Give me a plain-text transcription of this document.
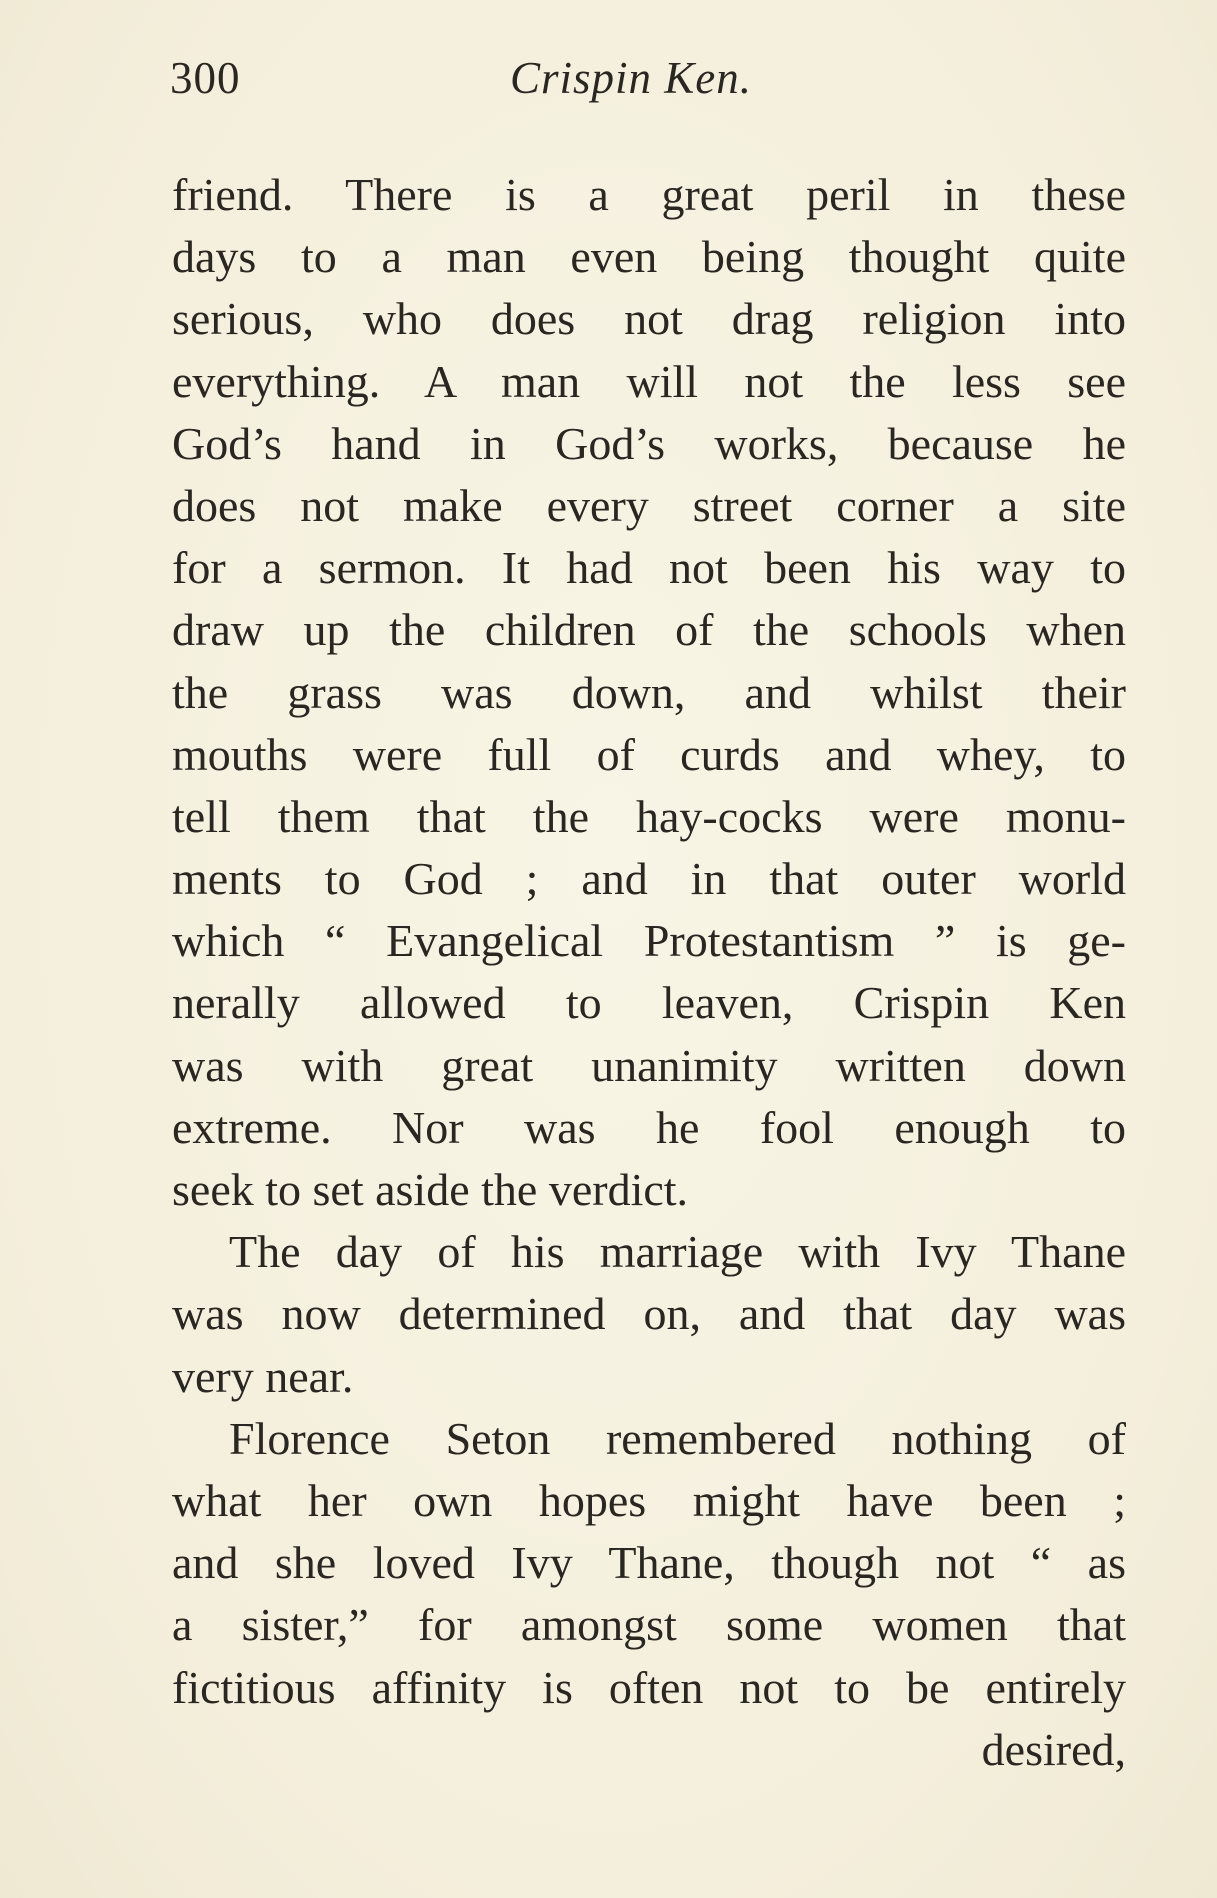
300	Crispin Ken.
friend. There is a great peril in these
days to a man even being thought quite
serious, who does not drag religion into
everything. A man will not the less see
God’s hand in God’s works, because he
does not make every street corner a site
for a sermon. It had not been his way to
draw up the children of the schools when
the grass was down, and whilst their
mouths were full of curds and whey, to
tell them that the hay-cocks were monu-
ments to God ; and in that outer world
which “ Evangelical Protestantism ” is ge-
nerally allowed to leaven, Crispin Ken
was with great unanimity written down
extreme. Nor was he fool enough to
seek to set aside the verdict.
The day of his marriage with Ivy Thane
was now determined on, and that day was
very near.
Florence Seton remembered nothing of
what her own hopes might have been ;
and she loved Ivy Thane, though not “ as
a sister,” for amongst some women that
fictitious affinity is often not to be entirely
desired,
